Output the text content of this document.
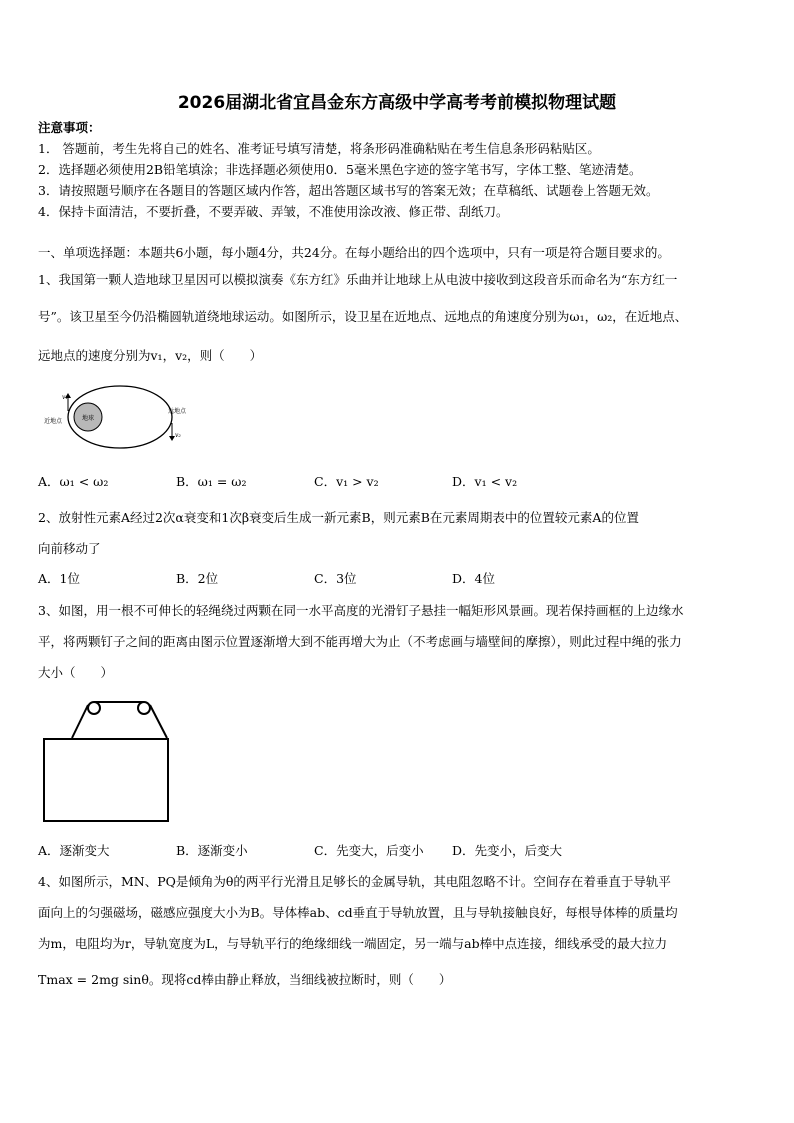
2026届湖北省宜昌金东方高级中学高考考前模拟物理试题
注意事项：
1． 答题前，考生先将自己的姓名、准考证号填写清楚，将条形码准确粘贴在考生信息条形码粘贴区。
2．选择题必须使用2B铅笔填涂；非选择题必须使用0．5毫米黑色字迹的签字笔书写，字体工整、笔迹清楚。
3．请按照题号顺序在各题目的答题区域内作答，超出答题区域书写的答案无效；在草稿纸、试题卷上答题无效。
4．保持卡面清洁，不要折叠，不要弄破、弄皱，不准使用涂改液、修正带、刮纸刀。
一、单项选择题：本题共6小题，每小题4分，共24分。在每小题给出的四个选项中，只有一项是符合题目要求的。
1、我国第一颗人造地球卫星因可以模拟演奏《东方红》乐曲并让地球上从电波中接收到这段音乐而命名为“东方红一
号”。该卫星至今仍沿椭圆轨道绕地球运动。如图所示，设卫星在近地点、远地点的角速度分别为ω₁，ω₂，在近地点、
远地点的速度分别为v₁，v₂，则（　　）
地球
v₁
近地点
v₂
远地点
A．ω₁ < ω₂	B．ω₁ = ω₂	C．v₁ > v₂	D．v₁ < v₂
2、放射性元素A经过2次α衰变和1次β衰变后生成一新元素B，则元素B在元素周期表中的位置较元素A的位置
向前移动了
A．1位	B．2位	C．3位	D．4位
3、如图，用一根不可伸长的轻绳绕过两颗在同一水平高度的光滑钉子悬挂一幅矩形风景画。现若保持画框的上边缘水
平，将两颗钉子之间的距离由图示位置逐渐增大到不能再增大为止（不考虑画与墙壁间的摩擦），则此过程中绳的张力
大小（　　）
A．逐渐变大	B．逐渐变小	C．先变大，后变小 D．先变小，后变大
4、如图所示，MN、PQ是倾角为θ的两平行光滑且足够长的金属导轨，其电阻忽略不计。空间存在着垂直于导轨平
面向上的匀强磁场，磁感应强度大小为B。导体棒ab、cd垂直于导轨放置，且与导轨接触良好，每根导体棒的质量均
为m，电阻均为r，导轨宽度为L，与导轨平行的绝缘细线一端固定，另一端与ab棒中点连接，细线承受的最大拉力
Tmax = 2mg sinθ。现将cd棒由静止释放，当细线被拉断时，则（　　）
